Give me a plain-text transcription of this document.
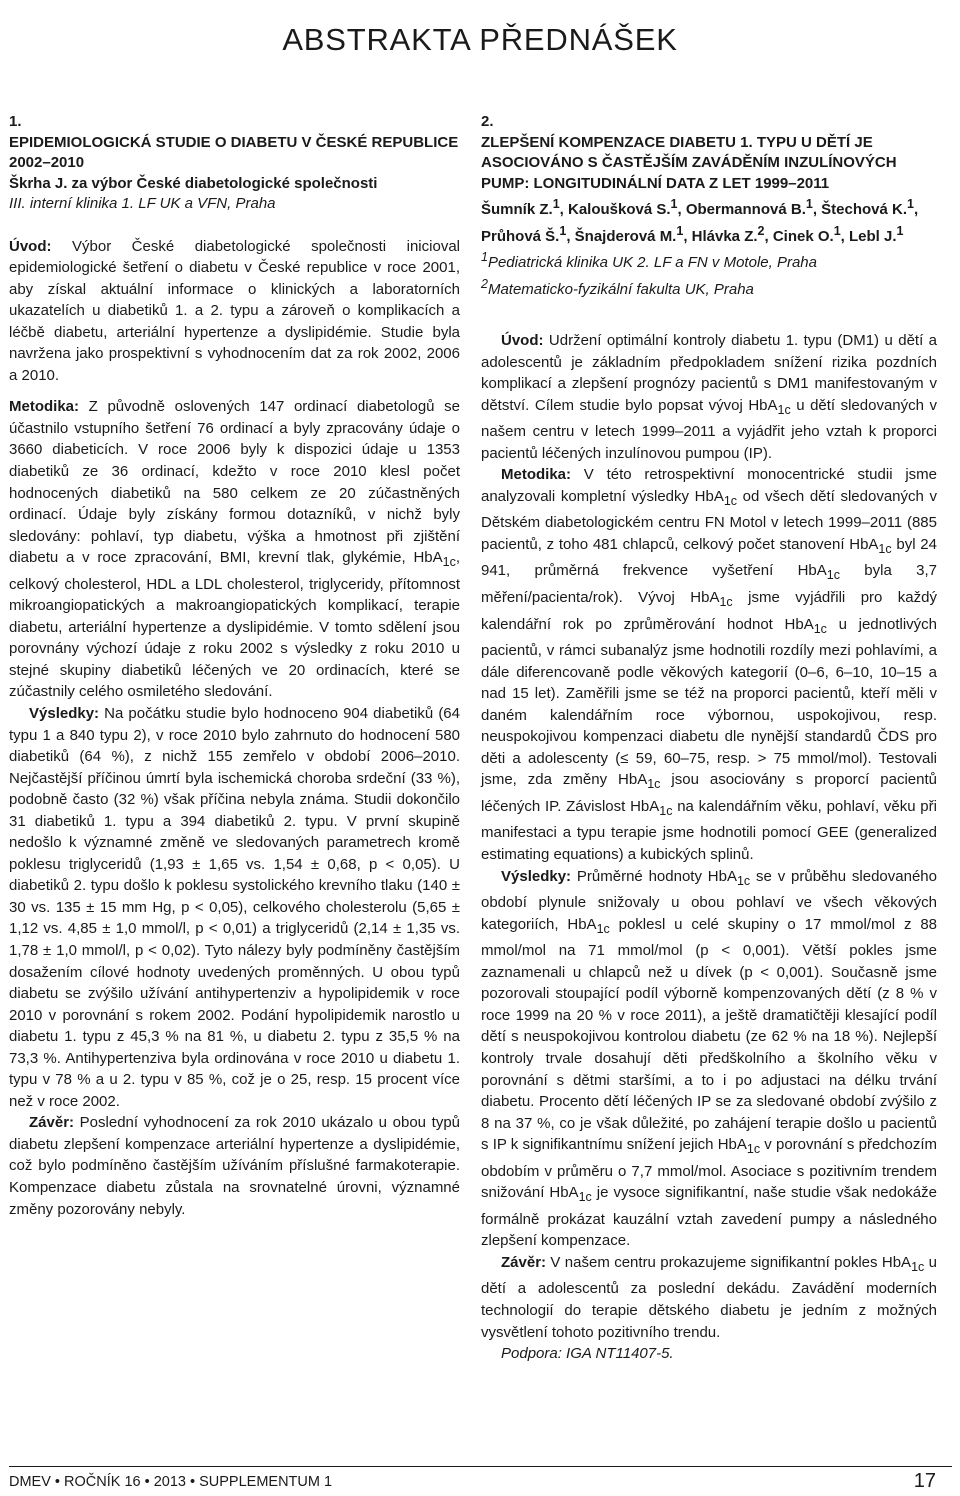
ABSTRAKTA PŘEDNÁŠEK
1.
EPIDEMIOLOGICKÁ STUDIE O DIABETU V ČESKÉ REPUBLICE 2002–2010
Škrha J. za výbor České diabetologické společnosti
III. interní klinika 1. LF UK a VFN, Praha

Úvod: Výbor České diabetologické společnosti inicioval epidemiologické šetření o diabetu v České republice v roce 2001, aby získal aktuální informace o klinických a laboratorních ukazatelích u diabetiků 1. a 2. typu a zároveň o komplikacích a léčbě diabetu, arteriální hypertenze a dyslipidémie. Studie byla navržena jako prospektivní s vyhodnocením dat za rok 2002, 2006 a 2010.

Metodika: Z původně oslovených 147 ordinací diabetologů se účastnilo vstupního šetření 76 ordinací a byly zpracovány údaje o 3660 diabeticích. V roce 2006 byly k dispozici údaje u 1353 diabetiků ze 36 ordinací, kdežto v roce 2010 klesl počet hodnocených diabetiků na 580 celkem ze 20 zúčastněných ordinací. Údaje byly získány formou dotazníků, v nichž byly sledovány: pohlaví, typ diabetu, výška a hmotnost při zjištění diabetu a v roce zpracování, BMI, krevní tlak, glykémie, HbA$_{1c}$, celkový cholesterol, HDL a LDL cholesterol, triglyceridy, přítomnost mikroangiopatických a makroangiopatických komplikací, terapie diabetu, arteriální hypertenze a dyslipidémie. V tomto sdělení jsou porovnány výchozí údaje z roku 2002 s výsledky z roku 2010 u stejné skupiny diabetiků léčených ve 20 ordinacích, které se zúčastnily celého osmiletého sledování.

Výsledky: Na počátku studie bylo hodnoceno 904 diabetiků (64 typu 1 a 840 typu 2), v roce 2010 bylo zahrnuto do hodnocení 580 diabetiků (64 %), z nichž 155 zemřelo v období 2006–2010. Nejčastější příčinou úmrtí byla ischemická choroba srdeční (33 %), podobně často (32 %) však příčina nebyla známa. Studii dokončilo 31 diabetiků 1. typu a 394 diabetiků 2. typu. V první skupině nedošlo k významné změně ve sledovaných parametrech kromě poklesu triglyceridů (1,93 ± 1,65 vs. 1,54 ± 0,68, p < 0,05). U diabetiků 2. typu došlo k poklesu systolického krevního tlaku (140 ± 30 vs. 135 ± 15 mm Hg, p < 0,05), celkového cholesterolu (5,65 ± 1,12 vs. 4,85 ± 1,0 mmol/l, p < 0,01) a triglyceridů (2,14 ± 1,35 vs. 1,78 ± 1,0 mmol/l, p < 0,02). Tyto nálezy byly podmíněny častějším dosažením cílové hodnoty uvedených proměnných. U obou typů diabetu se zvýšilo užívání antihypertenziv a hypolipidemik v roce 2010 v porovnání s rokem 2002. Podání hypolipidemik narostlo u diabetu 1. typu z 45,3 % na 81 %, u diabetu 2. typu z 35,5 % na 73,3 %. Antihypertenziva byla ordinována v roce 2010 u diabetu 1. typu v 78 % a u 2. typu v 85 %, což je o 25, resp. 15 procent více než v roce 2002.

Závěr: Poslední vyhodnocení za rok 2010 ukázalo u obou typů diabetu zlepšení kompenzace arteriální hypertenze a dyslipidémie, což bylo podmíněno častějším užíváním příslušné farmakoterapie. Kompenzace diabetu zůstala na srovnatelné úrovni, významné změny pozorovány nebyly.

2.
ZLEPŠENÍ KOMPENZACE DIABETU 1. TYPU U DĚTÍ JE ASOCIOVÁNO S ČASTĚJŠÍM ZAVÁDĚNÍM INZULÍNOVÝCH PUMP: LONGITUDINÁLNÍ DATA Z LET 1999–2011
Šumník Z.$^1$, Kaloušková S.$^1$, Obermannová B.$^1$, Štechová K.$^1$, Průhová Š.$^1$, Šnajderová M.$^1$, Hlávka Z.$^2$, Cinek O.$^1$, Lebl J.$^1$
$^1$Pediatrická klinika UK 2. LF a FN v Motole, Praha
$^2$Matematicko-fyzikální fakulta UK, Praha

Úvod: Udržení optimální kontroly diabetu 1. typu (DM1) u dětí a adolescentů je základním předpokladem snížení rizika pozdních komplikací a zlepšení prognózy pacientů s DM1 manifestovaným v dětství. Cílem studie bylo popsat vývoj HbA$_{1c}$ u dětí sledovaných v našem centru v letech 1999–2011 a vyjádřit jeho vztah k proporci pacientů léčených inzulínovou pumpou (IP).

Metodika: V této retrospektivní monocentrické studii jsme analyzovali kompletní výsledky HbA$_{1c}$ od všech dětí sledovaných v Dětském diabetologickém centru FN Motol v letech 1999–2011 (885 pacientů, z toho 481 chlapců, celkový počet stanovení HbA$_{1c}$ byl 24 941, průměrná frekvence vyšetření HbA$_{1c}$ byla 3,7 měření/pacienta/rok). Vývoj HbA$_{1c}$ jsme vyjádřili pro každý kalendářní rok po zprůměrování hodnot HbA$_{1c}$ u jednotlivých pacientů, v rámci subanalýz jsme hodnotili rozdíly mezi pohlavími, a dále diferencovaně podle věkových kategorií (0–6, 6–10, 10–15 a nad 15 let). Zaměřili jsme se též na proporci pacientů, kteří měli v daném kalendářním roce výbornou, uspokojivou, resp. neuspokojivou kompenzaci diabetu dle nynější standardů ČDS pro děti a adolescenty (≤ 59, 60–75, resp. > 75 mmol/mol). Testovali jsme, zda změny HbA$_{1c}$ jsou asociovány s proporcí pacientů léčených IP. Závislost HbA$_{1c}$ na kalendářním věku, pohlaví, věku při manifestaci a typu terapie jsme hodnotili pomocí GEE (generalized estimating equations) a kubických splinů.

Výsledky: Průměrné hodnoty HbA$_{1c}$ se v průběhu sledovaného období plynule snižovaly u obou pohlaví ve všech věkových kategoriích, HbA$_{1c}$ poklesl u celé skupiny o 17 mmol/mol z 88 mmol/mol na 71 mmol/mol (p < 0,001). Větší pokles jsme zaznamenali u chlapců než u dívek (p < 0,001). Současně jsme pozorovali stoupající podíl výborně kompenzovaných dětí (z 8 % v roce 1999 na 20 % v roce 2011), a ještě dramatičtěji klesající podíl dětí s neuspokojivou kontrolou diabetu (ze 62 % na 18 %). Nejlepší kontroly trvale dosahují děti předškolního a školního věku v porovnání s dětmi staršími, a to i po adjustaci na délku trvání diabetu. Procento dětí léčených IP se za sledované období zvýšilo z 8 na 37 %, co je však důležité, po zahájení terapie došlo u pacientů s IP k signifikantnímu snížení jejich HbA$_{1c}$ v porovnání s předchozím obdobím v průměru o 7,7 mmol/mol. Asociace s pozitivním trendem snižování HbA$_{1c}$ je vysoce signifikantní, naše studie však nedokáže formálně prokázat kauzální vztah zavedení pumpy a následného zlepšení kompenzace.

Závěr: V našem centru prokazujeme signifikantní pokles HbA$_{1c}$ u dětí a adolescentů za poslední dekádu. Zavádění moderních technologií do terapie dětského diabetu je jedním z možných vysvětlení tohoto pozitivního trendu.

Podpora: IGA NT11407-5.

DMEV • ROČNÍK 16 • 2013 • SUPPLEMENTUM 1	17
